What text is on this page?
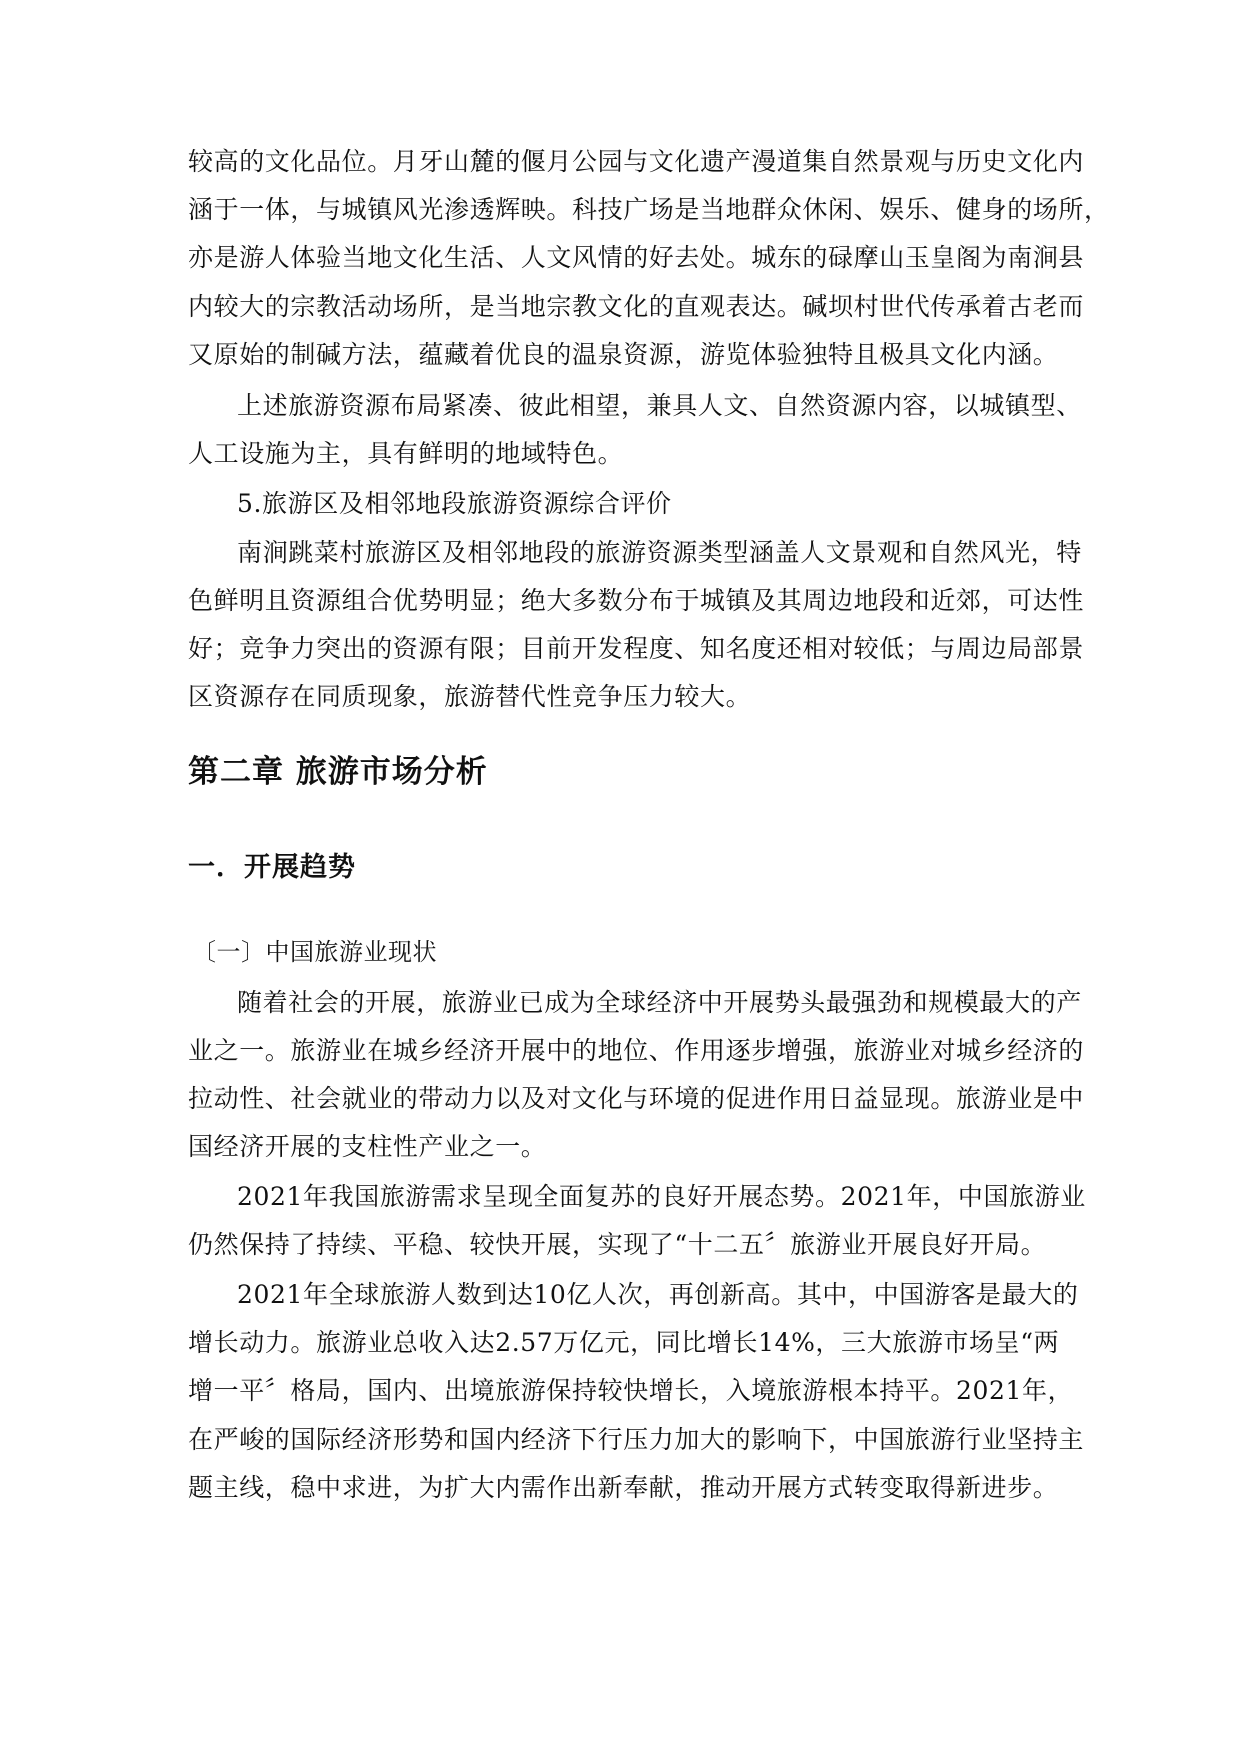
较高的文化品位。月牙山麓的偃月公园与文化遗产漫道集自然景观与历史文化内
涵于一体，与城镇风光渗透辉映。科技广场是当地群众休闲、娱乐、健身的场所，
亦是游人体验当地文化生活、人文风情的好去处。城东的碌摩山玉皇阁为南涧县
内较大的宗教活动场所，是当地宗教文化的直观表达。碱坝村世代传承着古老而
又原始的制碱方法，蕴藏着优良的温泉资源，游览体验独特且极具文化内涵。
上述旅游资源布局紧凑、彼此相望，兼具人文、自然资源内容，以城镇型、
人工设施为主，具有鲜明的地域特色。
5.旅游区及相邻地段旅游资源综合评价
南涧跳菜村旅游区及相邻地段的旅游资源类型涵盖人文景观和自然风光，特
色鲜明且资源组合优势明显；绝大多数分布于城镇及其周边地段和近郊，可达性
好；竞争力突出的资源有限；目前开发程度、知名度还相对较低；与周边局部景
区资源存在同质现象，旅游替代性竞争压力较大。
第二章 旅游市场分析
一．开展趋势
〔一〕中国旅游业现状
随着社会的开展，旅游业已成为全球经济中开展势头最强劲和规模最大的产
业之一。旅游业在城乡经济开展中的地位、作用逐步增强，旅游业对城乡经济的
拉动性、社会就业的带动力以及对文化与环境的促进作用日益显现。旅游业是中
国经济开展的支柱性产业之一。
2021年我国旅游需求呈现全面复苏的良好开展态势。2021年，中国旅游业
仍然保持了持续、平稳、较快开展，实现了“十二五〞旅游业开展良好开局。
2021年全球旅游人数到达10亿人次，再创新高。其中，中国游客是最大的
增长动力。旅游业总收入达2.57万亿元，同比增长14%，三大旅游市场呈“两
增一平〞格局，国内、出境旅游保持较快增长，入境旅游根本持平。2021年，
在严峻的国际经济形势和国内经济下行压力加大的影响下，中国旅游行业坚持主
题主线，稳中求进，为扩大内需作出新奉献，推动开展方式转变取得新进步。
